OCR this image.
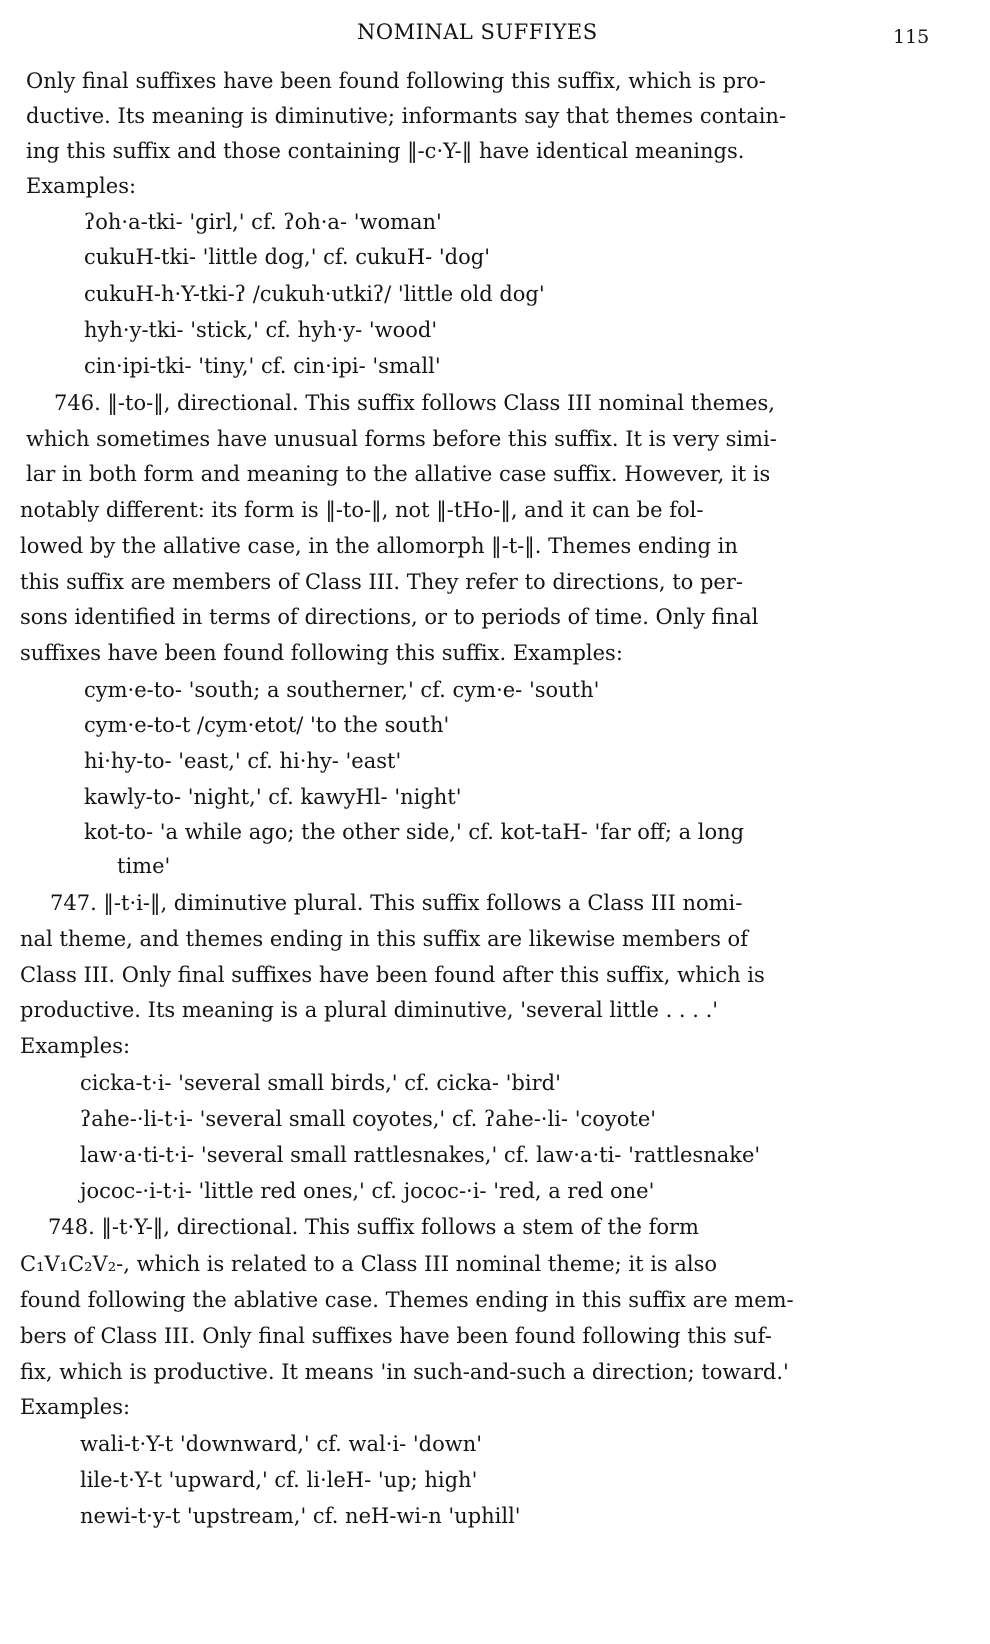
NOMINAL SUFFIYES	115
Only final suffixes have been found following this suffix, which is pro-
ductive. Its meaning is diminutive; informants say that themes contain-
ing this suffix and those containing ‖-c·Y-‖ have identical meanings.
Examples:
ʔoh·a-tki- 'girl,' cf. ʔoh·a- 'woman'
cukuH-tki- 'little dog,' cf. cukuH- 'dog'
cukuH-h·Y-tki-ʔ /cukuh·utkiʔ/ 'little old dog'
hyh·y-tki- 'stick,' cf. hyh·y- 'wood'
cin·ipi-tki- 'tiny,' cf. cin·ipi- 'small'
746. ‖-to-‖, directional. This suffix follows Class III nominal themes,
which sometimes have unusual forms before this suffix. It is very simi-
lar in both form and meaning to the allative case suffix. However, it is
notably different: its form is ‖-to-‖, not ‖-tHo-‖, and it can be fol-
lowed by the allative case, in the allomorph ‖-t-‖. Themes ending in
this suffix are members of Class III. They refer to directions, to per-
sons identified in terms of directions, or to periods of time. Only final
suffixes have been found following this suffix. Examples:
cym·e-to- 'south; a southerner,' cf. cym·e- 'south'
cym·e-to-t /cym·etot/ 'to the south'
hi·hy-to- 'east,' cf. hi·hy- 'east'
kawly-to- 'night,' cf. kawyHl- 'night'
kot-to- 'a while ago; the other side,' cf. kot-taH- 'far off; a long
time'
747. ‖-t·i-‖, diminutive plural. This suffix follows a Class III nomi-
nal theme, and themes ending in this suffix are likewise members of
Class III. Only final suffixes have been found after this suffix, which is
productive. Its meaning is a plural diminutive, 'several little . . . .'
Examples:
cicka-t·i- 'several small birds,' cf. cicka- 'bird'
ʔahe-·li-t·i- 'several small coyotes,' cf. ʔahe-·li- 'coyote'
law·a·ti-t·i- 'several small rattlesnakes,' cf. law·a·ti- 'rattlesnake'
jococ-·i-t·i- 'little red ones,' cf. jococ-·i- 'red, a red one'
748. ‖-t·Y-‖, directional. This suffix follows a stem of the form
C₁V₁C₂V₂-, which is related to a Class III nominal theme; it is also
found following the ablative case. Themes ending in this suffix are mem-
bers of Class III. Only final suffixes have been found following this suf-
fix, which is productive. It means 'in such-and-such a direction; toward.'
Examples:
wali-t·Y-t 'downward,' cf. wal·i- 'down'
lile-t·Y-t 'upward,' cf. li·leH- 'up; high'
newi-t·y-t 'upstream,' cf. neH-wi-n 'uphill'
